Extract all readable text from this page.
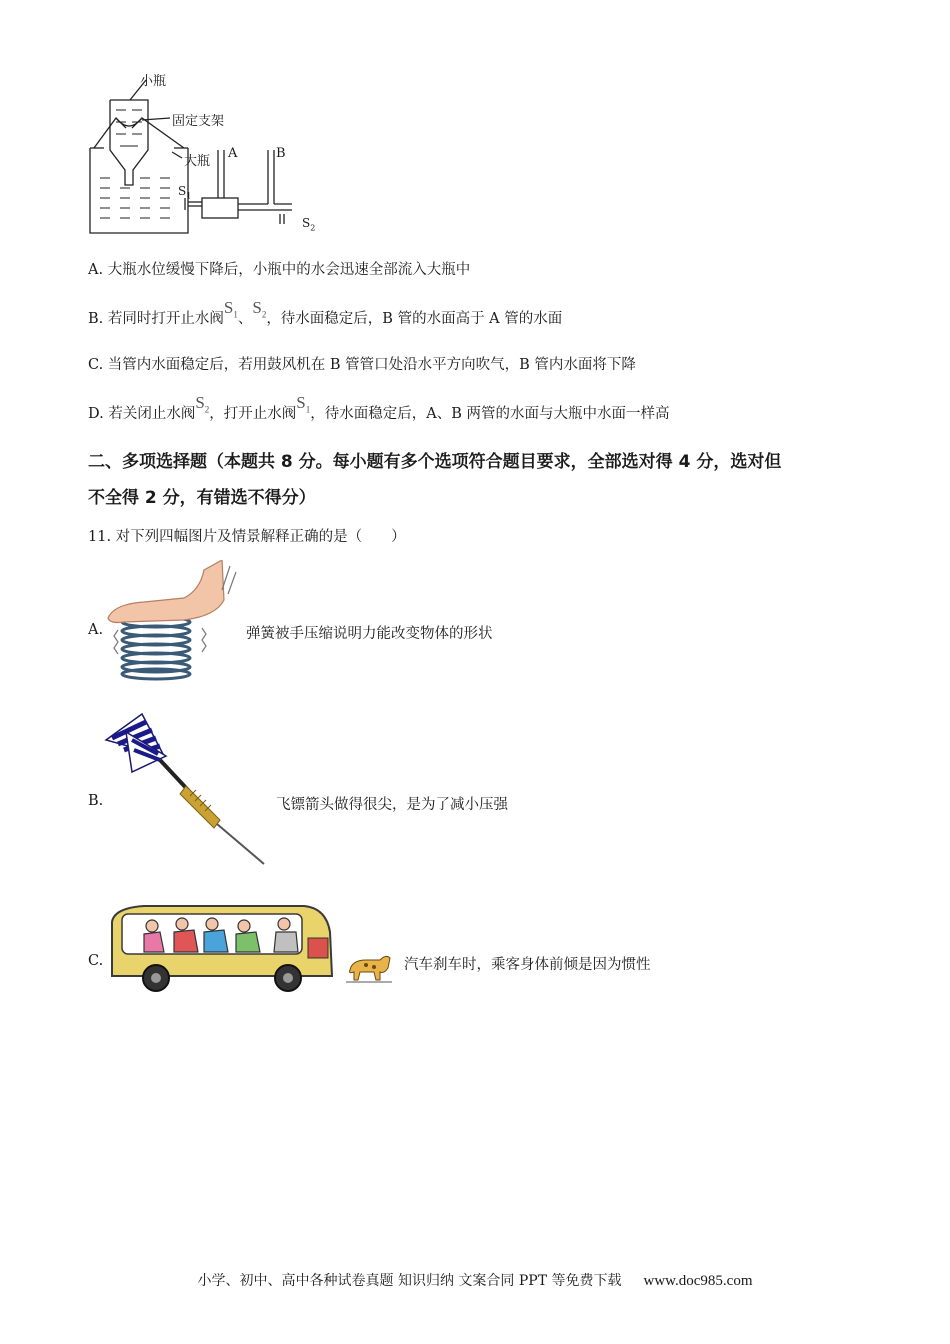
小瓶
固定支架
大瓶
A	B
$S_1$
$S_2$
A. 大瓶水位缓慢下降后，小瓶中的水会迅速全部流入大瓶中
B. 若同时打开止水阀$S_1$、$S_2$，待水面稳定后，B 管的水面高于 A 管的水面
C. 当管内水面稳定后，若用鼓风机在 B 管管口处沿水平方向吹气，B 管内水面将下降
D. 若关闭止水阀$S_2$，打开止水阀$S_1$，待水面稳定后，A、B 两管的水面与大瓶中水面一样高
二、多项选择题（本题共 8 分。每小题有多个选项符合题目要求，全部选对得 4 分，选对但
不全得 2 分，有错选不得分）
11. 对下列四幅图片及情景解释正确的是（　　）
A.	弹簧被手压缩说明力能改变物体的形状
B.	飞镖箭头做得很尖，是为了减小压强
C.	汽车刹车时，乘客身体前倾是因为惯性
小学、初中、高中各种试卷真题 知识归纳 文案合同 PPT 等免费下载 www.doc985.com
